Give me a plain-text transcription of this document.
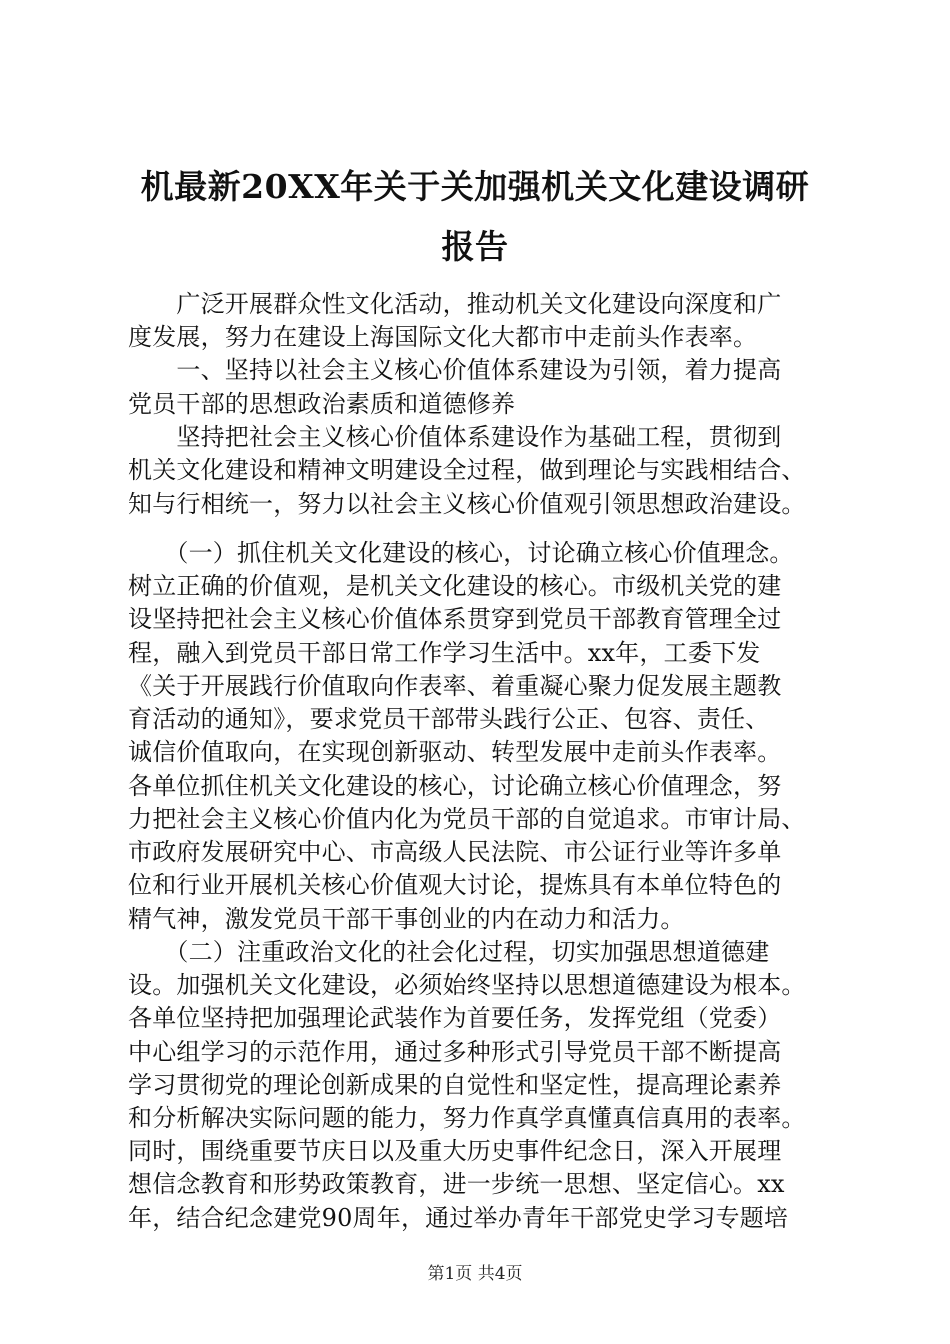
机最新20XX年关于关加强机关文化建设调研
报告
　　广泛开展群众性文化活动，推动机关文化建设向深度和广
度发展，努力在建设上海国际文化大都市中走前头作表率。
　　一、坚持以社会主义核心价值体系建设为引领，着力提高
党员干部的思想政治素质和道德修养
　　坚持把社会主义核心价值体系建设作为基础工程，贯彻到
机关文化建设和精神文明建设全过程，做到理论与实践相结合、
知与行相统一，努力以社会主义核心价值观引领思想政治建设。
　　（一）抓住机关文化建设的核心，讨论确立核心价值理念。
树立正确的价值观，是机关文化建设的核心。市级机关党的建
设坚持把社会主义核心价值体系贯穿到党员干部教育管理全过
程，融入到党员干部日常工作学习生活中。xx年，工委下发
《关于开展践行价值取向作表率、着重凝心聚力促发展主题教
育活动的通知》，要求党员干部带头践行公正、包容、责任、
诚信价值取向，在实现创新驱动、转型发展中走前头作表率。
各单位抓住机关文化建设的核心，讨论确立核心价值理念，努
力把社会主义核心价值内化为党员干部的自觉追求。市审计局、
市政府发展研究中心、市高级人民法院、市公证行业等许多单
位和行业开展机关核心价值观大讨论，提炼具有本单位特色的
精气神，激发党员干部干事创业的内在动力和活力。
　　（二）注重政治文化的社会化过程，切实加强思想道德建
设。加强机关文化建设，必须始终坚持以思想道德建设为根本。
各单位坚持把加强理论武装作为首要任务，发挥党组（党委）
中心组学习的示范作用，通过多种形式引导党员干部不断提高
学习贯彻党的理论创新成果的自觉性和坚定性，提高理论素养
和分析解决实际问题的能力，努力作真学真懂真信真用的表率。
同时，围绕重要节庆日以及重大历史事件纪念日，深入开展理
想信念教育和形势政策教育，进一步统一思想、坚定信心。xx
年，结合纪念建党90周年，通过举办青年干部党史学习专题培
第1页 共4页
